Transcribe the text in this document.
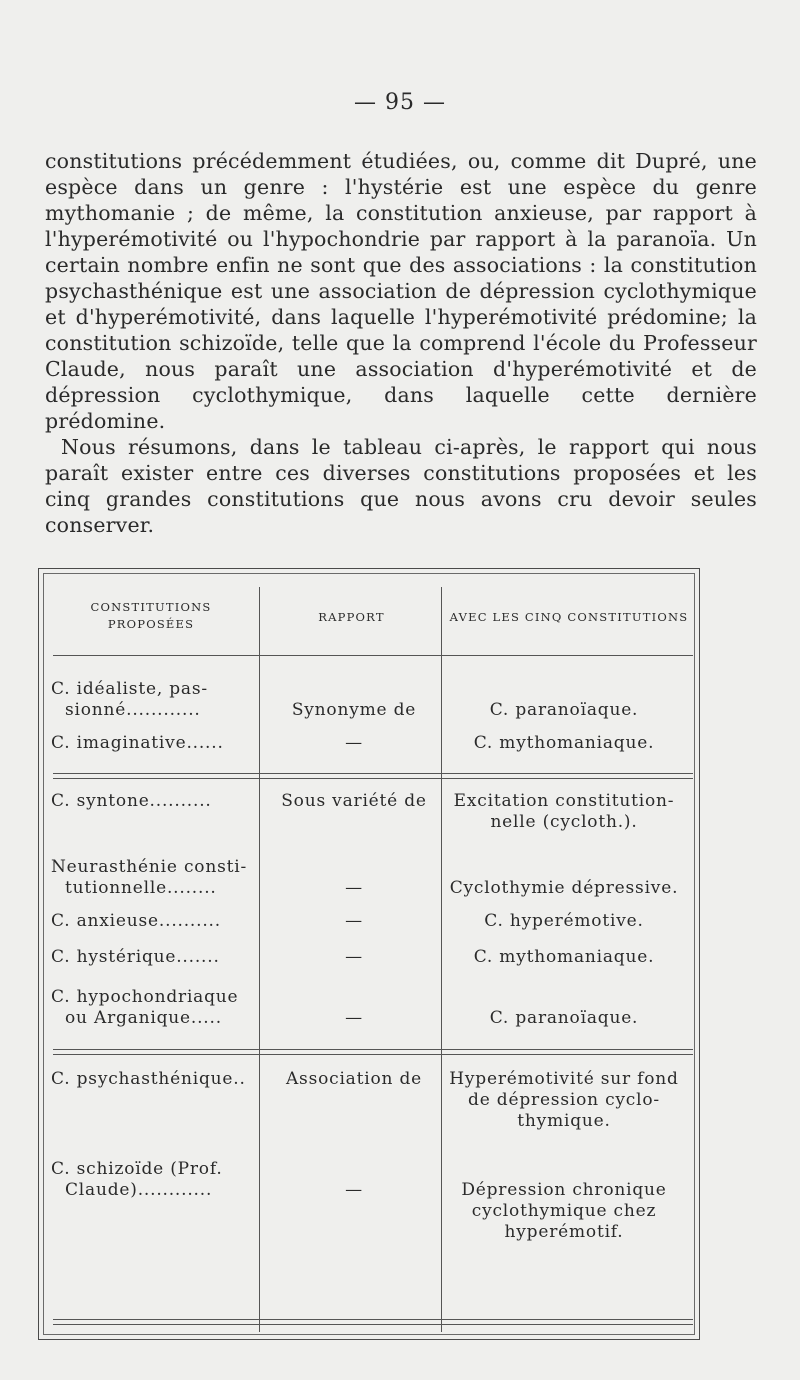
— 95 —

constitutions précédemment étudiées, ou, comme dit Dupré, une espèce dans un genre : l'hystérie est une espèce du genre mythomanie ; de même, la constitution anxieuse, par rapport à l'hyperémotivité ou l'hypochondrie par rapport à la paranoïa. Un certain nombre enfin ne sont que des associations : la constitution psychasthénique est une association de dépression cyclothymique et d'hyperémotivité, dans laquelle l'hyperémotivité prédomine; la constitution schizoïde, telle que la comprend l'école du Professeur Claude, nous paraît une association d'hyperémotivité et de dépression cyclothymique, dans laquelle cette dernière prédomine.

Nous résumons, dans le tableau ci-après, le rapport qui nous paraît exister entre ces diverses constitutions proposées et les cinq grandes constitutions que nous avons cru devoir seules conserver.

CONSTITUTIONS
PROPOSÉES	RAPPORT	AVEC LES CINQ CONSTITUTIONS
C. idéaliste, pas-
sionné............	Synonyme de	C. paranoïaque.
C. imaginative......	—	C. mythomaniaque.
C. syntone..........	Sous variété de	Excitation constitution-
nelle (cycloth.).
Neurasthénie consti-
tutionnelle........	—	Cyclothymie dépressive.
C. anxieuse..........	—	C. hyperémotive.
C. hystérique.......	—	C. mythomaniaque.
C. hypochondriaque
ou Arganique.....	—	C. paranoïaque.
C. psychasthénique..	Association de	Hyperémotivité sur fond
de dépression cyclo-
thymique.
C. schizoïde (Prof.
Claude)............	—	Dépression chronique
cyclothymique chez
hyperémotif.
